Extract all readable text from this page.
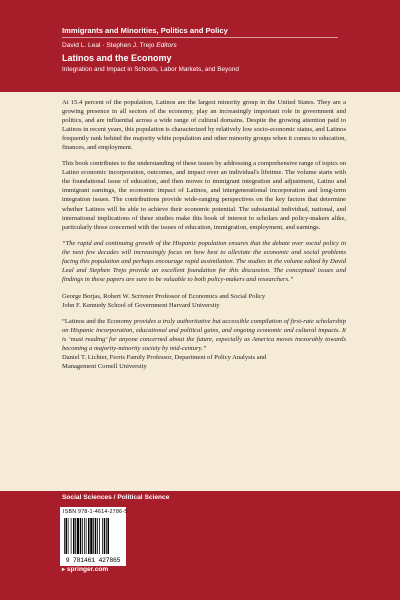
Immigrants and Minorities, Politics and Policy
David L. Leal · Stephen J. Trejo Editors
Latinos and the Economy
Integration and Impact in Schools, Labor Markets, and Beyond

At 15.4 percent of the population, Latinos are the largest minority group in the United States. They are a growing presence in all sectors of the economy, play an increasingly important role in government and politics, and are influential across a wide range of cultural domains. Despite the growing attention paid to Latinos in recent years, this population is characterized by relatively low socio-economic status, and Latinos frequently rank behind the majority white population and other minority groups when it comes to education, finances, and employment.

This book contributes to the understanding of these issues by addressing a comprehensive range of topics on Latino economic incorporation, outcomes, and impact over an individual's lifetime. The volume starts with the foundational issue of education, and then moves to immigrant integration and adjustment, Latino and immigrant earnings, the economic impact of Latinos, and intergenerational incorporation and long-term integration issues. The contributions provide wide-ranging perspectives on the key factors that determine whether Latinos will be able to achieve their economic potential. The substantial individual, national, and international implications of these studies make this book of interest to scholars and policy-makers alike, particularly those concerned with the issues of education, immigration, employment, and earnings.

“The rapid and continuing growth of the Hispanic population ensures that the debate over social policy in the next few decades will increasingly focus on how best to alleviate the economic and social problems facing this population and perhaps encourage rapid assimilation. The studies in the volume edited by David Leal and Stephen Trejo provide an excellent foundation for this discussion. The conceptual issues and findings in these papers are sure to be valuable to both policy-makers and researchers.”

George Borjas, Robert W. Scrivner Professor of Economics and Social Policy

John F. Kennedy School of Government Harvard University

“Latinos and the Economy provides a truly authoritative but accessible compilation of first-rate scholarship on Hispanic incorporation, educational and political gains, and ongoing economic and cultural impacts. It is ‘must reading’ for anyone concerned about the future, especially as America moves inexorably towards becoming a majority-minority society by mid-century.”

Daniel T. Lichter, Ferris Family Professor, Department of Policy Analysis and

Management Cornell University

Social Sciences / Political Science
ISBN 978-1-4614-2786-5
9 781461 427865
▸ springer.com
